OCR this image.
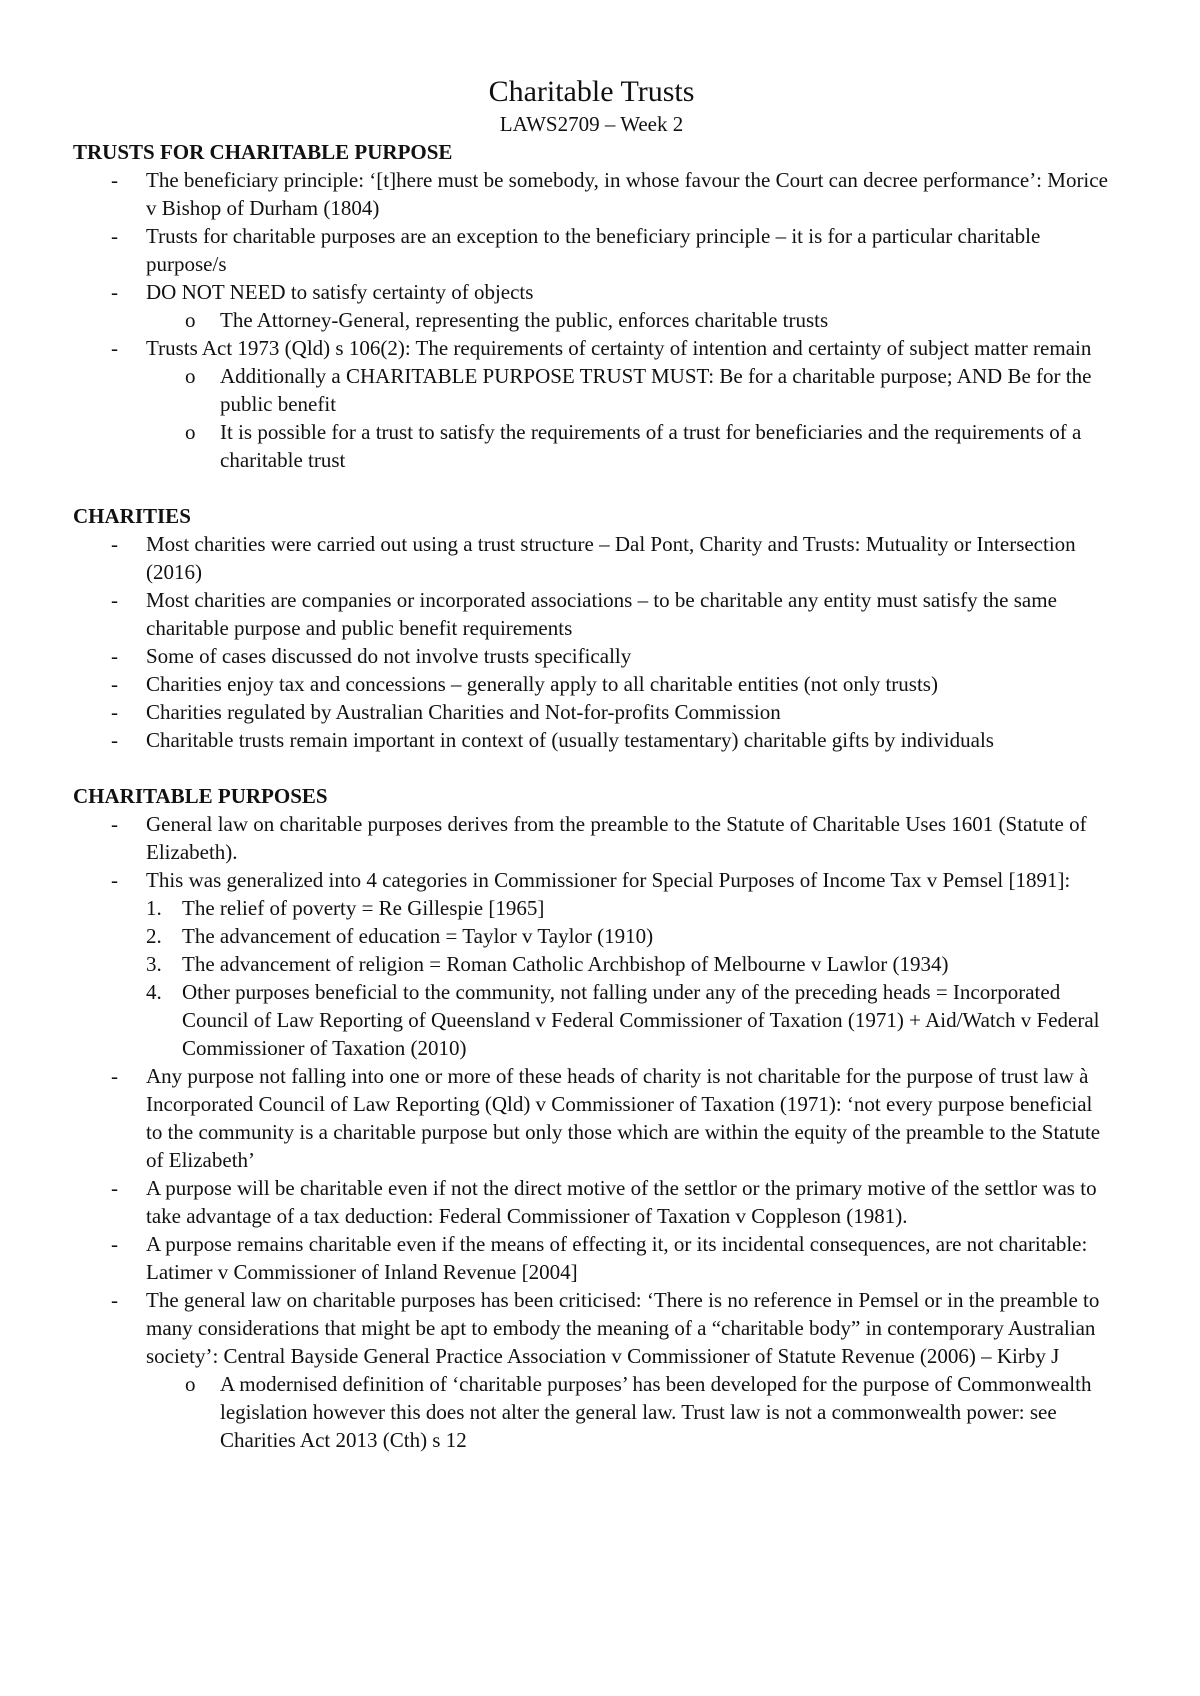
Charitable Trusts
LAWS2709 – Week 2
TRUSTS FOR CHARITABLE PURPOSE
- The beneficiary principle: ‘[t]here must be somebody, in whose favour the Court can decree performance’: Morice v Bishop of Durham (1804)
- Trusts for charitable purposes are an exception to the beneficiary principle – it is for a particular charitable purpose/s
- DO NOT NEED to satisfy certainty of objects
o The Attorney-General, representing the public, enforces charitable trusts
- Trusts Act 1973 (Qld) s 106(2): The requirements of certainty of intention and certainty of subject matter remain
o Additionally a CHARITABLE PURPOSE TRUST MUST: Be for a charitable purpose; AND Be for the public benefit
o It is possible for a trust to satisfy the requirements of a trust for beneficiaries and the requirements of a charitable trust
CHARITIES
- Most charities were carried out using a trust structure – Dal Pont, Charity and Trusts: Mutuality or Intersection (2016)
- Most charities are companies or incorporated associations – to be charitable any entity must satisfy the same charitable purpose and public benefit requirements
- Some of cases discussed do not involve trusts specifically
- Charities enjoy tax and concessions – generally apply to all charitable entities (not only trusts)
- Charities regulated by Australian Charities and Not-for-profits Commission
- Charitable trusts remain important in context of (usually testamentary) charitable gifts by individuals
CHARITABLE PURPOSES
- General law on charitable purposes derives from the preamble to the Statute of Charitable Uses 1601 (Statute of Elizabeth).
- This was generalized into 4 categories in Commissioner for Special Purposes of Income Tax v Pemsel [1891]:
1. The relief of poverty = Re Gillespie [1965]
2. The advancement of education = Taylor v Taylor (1910)
3. The advancement of religion = Roman Catholic Archbishop of Melbourne v Lawlor (1934)
4. Other purposes beneficial to the community, not falling under any of the preceding heads = Incorporated Council of Law Reporting of Queensland v Federal Commissioner of Taxation (1971) + Aid/Watch v Federal Commissioner of Taxation (2010)
- Any purpose not falling into one or more of these heads of charity is not charitable for the purpose of trust law à Incorporated Council of Law Reporting (Qld) v Commissioner of Taxation (1971): ‘not every purpose beneficial to the community is a charitable purpose but only those which are within the equity of the preamble to the Statute of Elizabeth’
- A purpose will be charitable even if not the direct motive of the settlor or the primary motive of the settlor was to take advantage of a tax deduction: Federal Commissioner of Taxation v Coppleson (1981).
- A purpose remains charitable even if the means of effecting it, or its incidental consequences, are not charitable: Latimer v Commissioner of Inland Revenue [2004]
- The general law on charitable purposes has been criticised: ‘There is no reference in Pemsel or in the preamble to many considerations that might be apt to embody the meaning of a “charitable body” in contemporary Australian society’: Central Bayside General Practice Association v Commissioner of Statute Revenue (2006) – Kirby J
o A modernised definition of ‘charitable purposes’ has been developed for the purpose of Commonwealth legislation however this does not alter the general law. Trust law is not a commonwealth power: see Charities Act 2013 (Cth) s 12
